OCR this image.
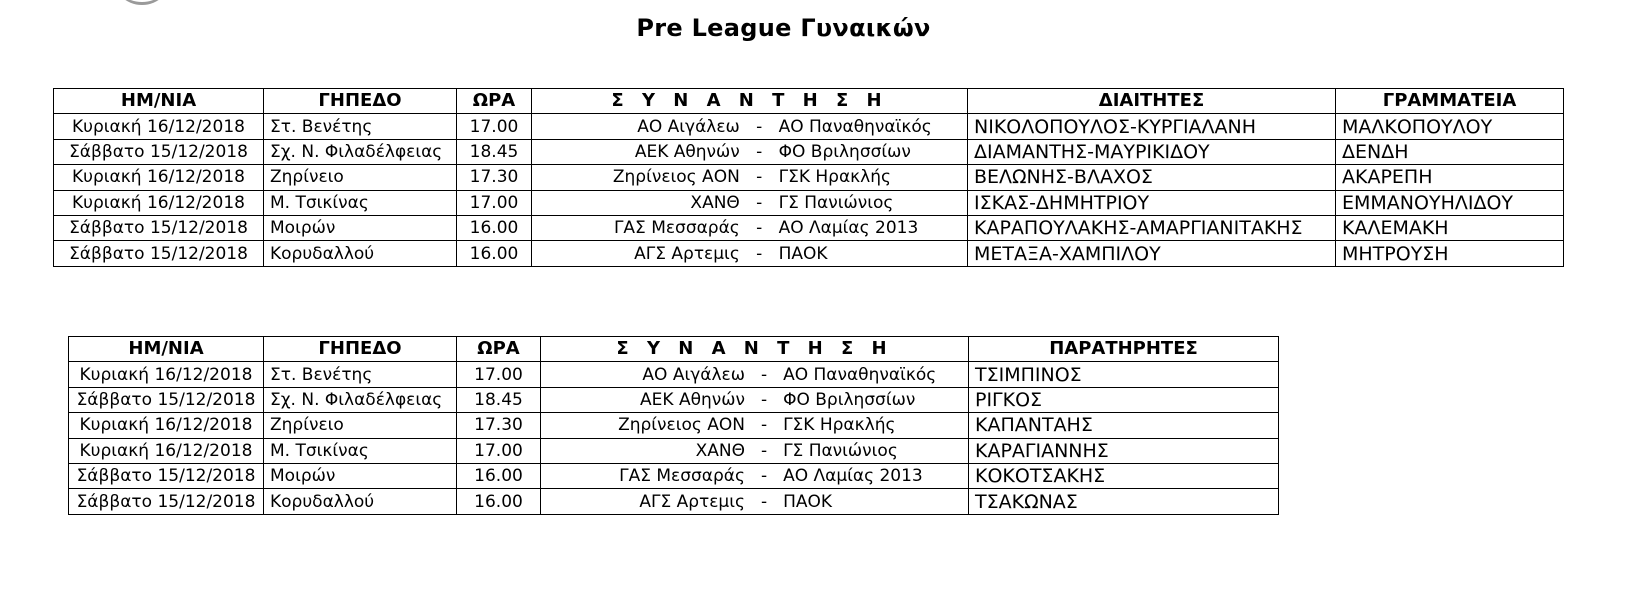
Pre League Γυναικών
ΗΜ/ΝΙΑ	ΓΗΠΕΔΟ	ΩΡΑ	Σ Υ Ν Α Ν Τ Η Σ Η	ΔΙΑΙΤΗΤΕΣ	ΓΡΑΜΜΑΤΕΙΑ
Κυριακή 16/12/2018	Στ. Βενέτης	17.00	ΑΟ Αιγάλεω - ΑΟ Παναθηναϊκός	ΝΙΚΟΛΟΠΟΥΛΟΣ-ΚΥΡΓΙΑΛΑΝΗ	ΜΑΛΚΟΠΟΥΛΟΥ
Σάββατο 15/12/2018	Σχ. Ν. Φιλαδέλφειας	18.45	ΑΕΚ Αθηνών - ΦΟ Βριλησσίων	ΔΙΑΜΑΝΤΗΣ-ΜΑΥΡΙΚΙΔΟΥ	ΔΕΝΔΗ
Κυριακή 16/12/2018	Ζηρίνειο	17.30	Ζηρίνειος ΑΟΝ - ΓΣΚ Ηρακλής	ΒΕΛΩΝΗΣ-ΒΛΑΧΟΣ	ΑΚΑΡΕΠΗ
Κυριακή 16/12/2018	Μ. Τσικίνας	17.00	ΧΑΝΘ - ΓΣ Πανιώνιος	ΙΣΚΑΣ-ΔΗΜΗΤΡΙΟΥ	ΕΜΜΑΝΟΥΗΛΙΔΟΥ
Σάββατο 15/12/2018	Μοιρών	16.00	ΓΑΣ Μεσσαράς - ΑΟ Λαμίας 2013	ΚΑΡΑΠΟΥΛΑΚΗΣ-ΑΜΑΡΓΙΑΝΙΤΑΚΗΣ	ΚΑΛΕΜΑΚΗ
Σάββατο 15/12/2018	Κορυδαλλού	16.00	ΑΓΣ Αρτεμις - ΠΑΟΚ	ΜΕΤΑΞΑ-ΧΑΜΠΙΛΟΥ	ΜΗΤΡΟΥΣΗ
ΗΜ/ΝΙΑ	ΓΗΠΕΔΟ	ΩΡΑ	Σ Υ Ν Α Ν Τ Η Σ Η	ΠΑΡΑΤΗΡΗΤΕΣ
Κυριακή 16/12/2018	Στ. Βενέτης	17.00	ΑΟ Αιγάλεω - ΑΟ Παναθηναϊκός	ΤΣΙΜΠΙΝΟΣ
Σάββατο 15/12/2018	Σχ. Ν. Φιλαδέλφειας	18.45	ΑΕΚ Αθηνών - ΦΟ Βριλησσίων	ΡΙΓΚΟΣ
Κυριακή 16/12/2018	Ζηρίνειο	17.30	Ζηρίνειος ΑΟΝ - ΓΣΚ Ηρακλής	ΚΑΠΑΝΤΑΗΣ
Κυριακή 16/12/2018	Μ. Τσικίνας	17.00	ΧΑΝΘ - ΓΣ Πανιώνιος	ΚΑΡΑΓΙΑΝΝΗΣ
Σάββατο 15/12/2018	Μοιρών	16.00	ΓΑΣ Μεσσαράς - ΑΟ Λαμίας 2013	ΚΟΚΟΤΣΑΚΗΣ
Σάββατο 15/12/2018	Κορυδαλλού	16.00	ΑΓΣ Αρτεμις - ΠΑΟΚ	ΤΣΑΚΩΝΑΣ
